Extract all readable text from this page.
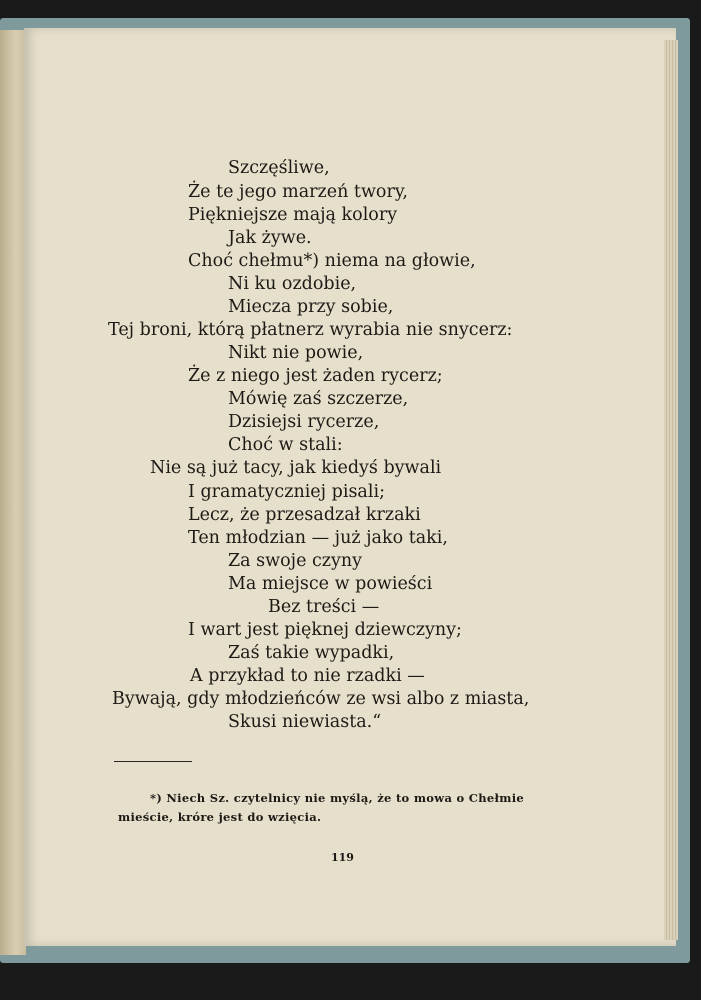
Szczęśliwe,
Że te jego marzeń twory,
Piękniejsze mają kolory
Jak żywe.
Choć chełmu*) niema na głowie,
Ni ku ozdobie,
Miecza przy sobie,
Tej broni, którą płatnerz wyrabia nie snycerz:
Nikt nie powie,
Że z niego jest żaden rycerz;
Mówię zaś szczerze,
Dzisiejsi rycerze,
Choć w stali:
Nie są już tacy, jak kiedyś bywali
I gramatyczniej pisali;
Lecz, że przesadzał krzaki
Ten młodzian — już jako taki,
Za swoje czyny
Ma miejsce w powieści
Bez treści —
I wart jest pięknej dziewczyny;
Zaś takie wypadki,
A przykład to nie rzadki —
Bywają, gdy młodzieńców ze wsi albo z miasta,
Skusi niewiasta.“
*) Niech Sz. czytelnicy nie myślą, że to mowa o Chełmie
mieście, króre jest do wzięcia.
119
